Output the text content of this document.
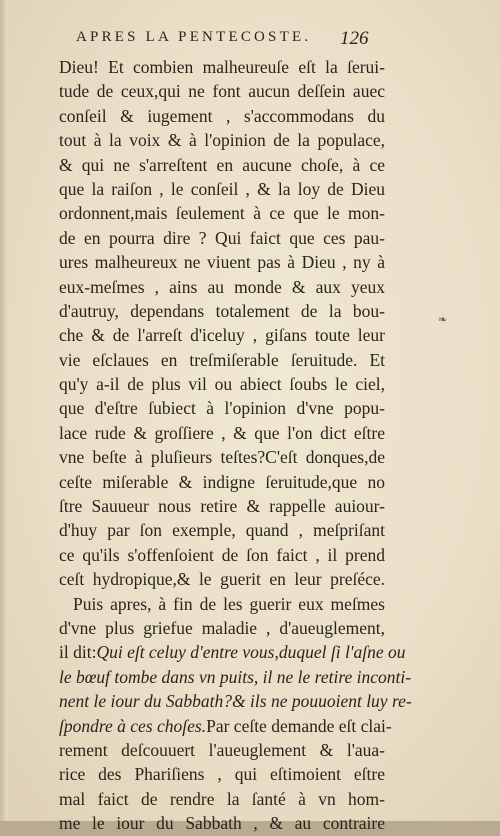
APRES LA PENTECOSTE.	126
❧
Dieu! Et combien malheureuſe eſt la ſerui-
tude de ceux,qui ne font aucun deſſein auec
conſeil & iugement , s'accommodans du
tout à la voix & à l'opinion de la populace,
& qui ne s'arreſtent en aucune choſe, à ce
que la raiſon , le conſeil , & la loy de Dieu
ordonnent,mais ſeulement à ce que le mon-
de en pourra dire ? Qui faict que ces pau-
ures malheureux ne viuent pas à Dieu , ny à
eux-meſmes , ains au monde & aux yeux
d'autruy, dependans totalement de la bou-
che & de l'arreſt d'iceluy , giſans toute leur
vie eſclaues en treſmiſerable ſeruitude. Et
qu'y a-il de plus vil ou abiect ſoubs le ciel,
que d'eſtre ſubiect à l'opinion d'vne popu-
lace rude & groſſiere , & que l'on dict eſtre
vne beſte à pluſieurs teſtes?C'eſt donques,de
ceſte miſerable & indigne ſeruitude,que no
ſtre Sauueur nous retire & rappelle auiour-
d'huy par ſon exemple, quand , meſpriſant
ce qu'ils s'offenſoient de ſon faict , il prend
ceſt hydropique,& le guerit en leur preſéce.
Puis apres, à fin de les guerir eux meſmes
d'vne plus griefue maladie , d'aueuglement,
il dit:Qui eſt celuy d'entre vous,duquel ſi l'aſne ou
le bœuf tombe dans vn puits, il ne le retire inconti-
nent le iour du Sabbath?& ils ne pouuoient luy re-
ſpondre à ces choſes.Par ceſte demande eſt clai-
rement deſcouuert l'aueuglement & l'aua-
rice des Phariſiens , qui eſtimoient eſtre
mal faict de rendre la ſanté à vn hom-
me le iour du Sabbath , & au contraire
